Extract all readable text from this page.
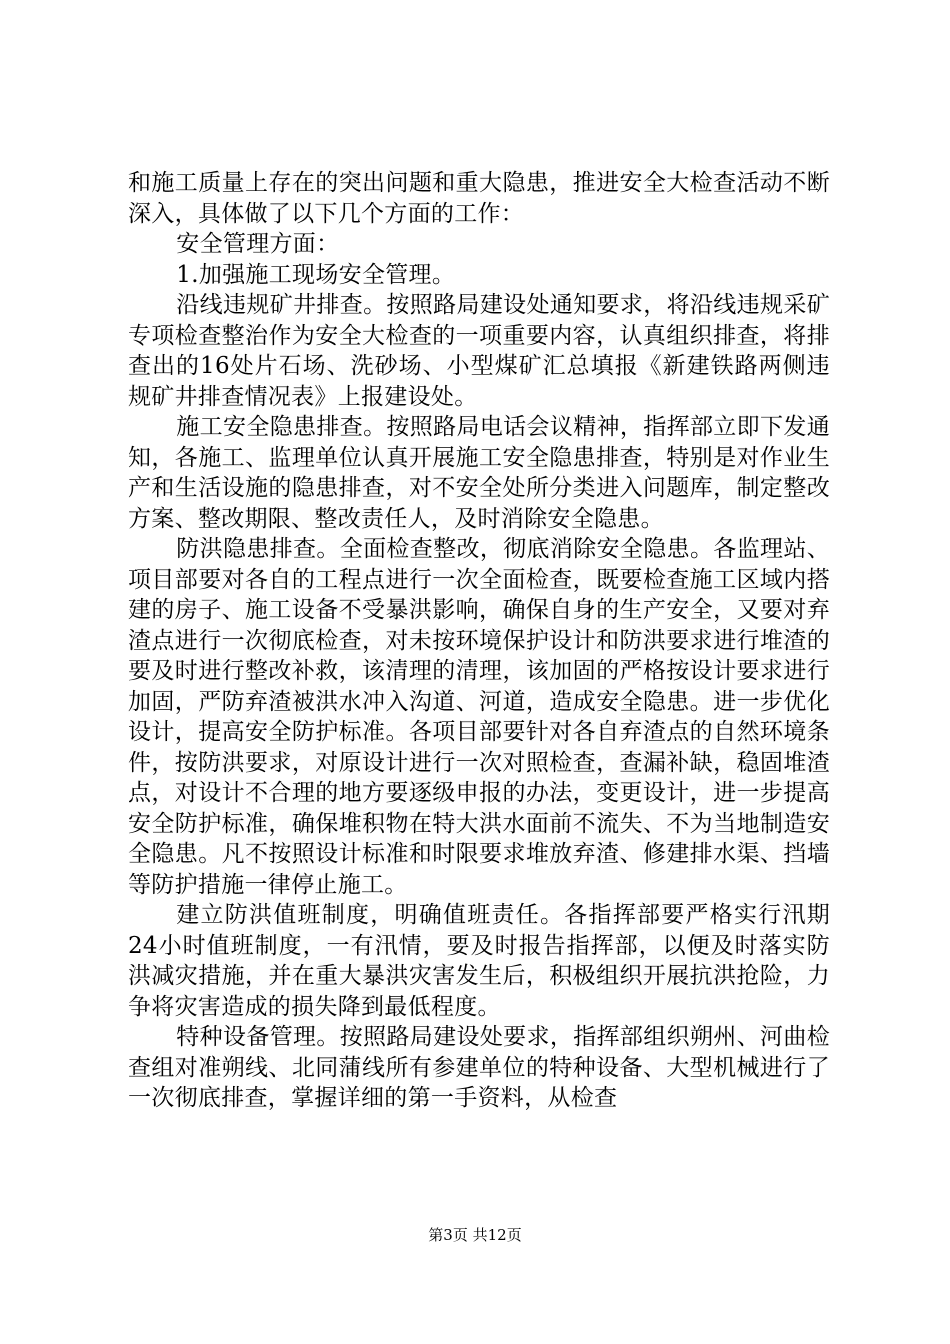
和施工质量上存在的突出问题和重大隐患，推进安全大检查活动不断深入，具体做了以下几个方面的工作：

安全管理方面：

1.加强施工现场安全管理。

沿线违规矿井排查。按照路局建设处通知要求，将沿线违规采矿专项检查整治作为安全大检查的一项重要内容，认真组织排查，将排查出的16处片石场、洗砂场、小型煤矿汇总填报《新建铁路两侧违规矿井排查情况表》上报建设处。

施工安全隐患排查。按照路局电话会议精神，指挥部立即下发通知，各施工、监理单位认真开展施工安全隐患排查，特别是对作业生产和生活设施的隐患排查，对不安全处所分类进入问题库，制定整改方案、整改期限、整改责任人，及时消除安全隐患。

防洪隐患排查。全面检查整改，彻底消除安全隐患。各监理站、项目部要对各自的工程点进行一次全面检查，既要检查施工区域内搭建的房子、施工设备不受暴洪影响，确保自身的生产安全，又要对弃渣点进行一次彻底检查，对未按环境保护设计和防洪要求进行堆渣的要及时进行整改补救，该清理的清理，该加固的严格按设计要求进行加固，严防弃渣被洪水冲入沟道、河道，造成安全隐患。进一步优化设计，提高安全防护标准。各项目部要针对各自弃渣点的自然环境条件，按防洪要求，对原设计进行一次对照检查，查漏补缺，稳固堆渣点，对设计不合理的地方要逐级申报的办法，变更设计，进一步提高安全防护标准，确保堆积物在特大洪水面前不流失、不为当地制造安全隐患。凡不按照设计标准和时限要求堆放弃渣、修建排水渠、挡墙等防护措施一律停止施工。

建立防洪值班制度，明确值班责任。各指挥部要严格实行汛期24小时值班制度，一有汛情，要及时报告指挥部，以便及时落实防洪减灾措施，并在重大暴洪灾害发生后，积极组织开展抗洪抢险，力争将灾害造成的损失降到最低程度。

特种设备管理。按照路局建设处要求，指挥部组织朔州、河曲检查组对准朔线、北同蒲线所有参建单位的特种设备、大型机械进行了一次彻底排查，掌握详细的第一手资料，从检查

第3页 共12页
